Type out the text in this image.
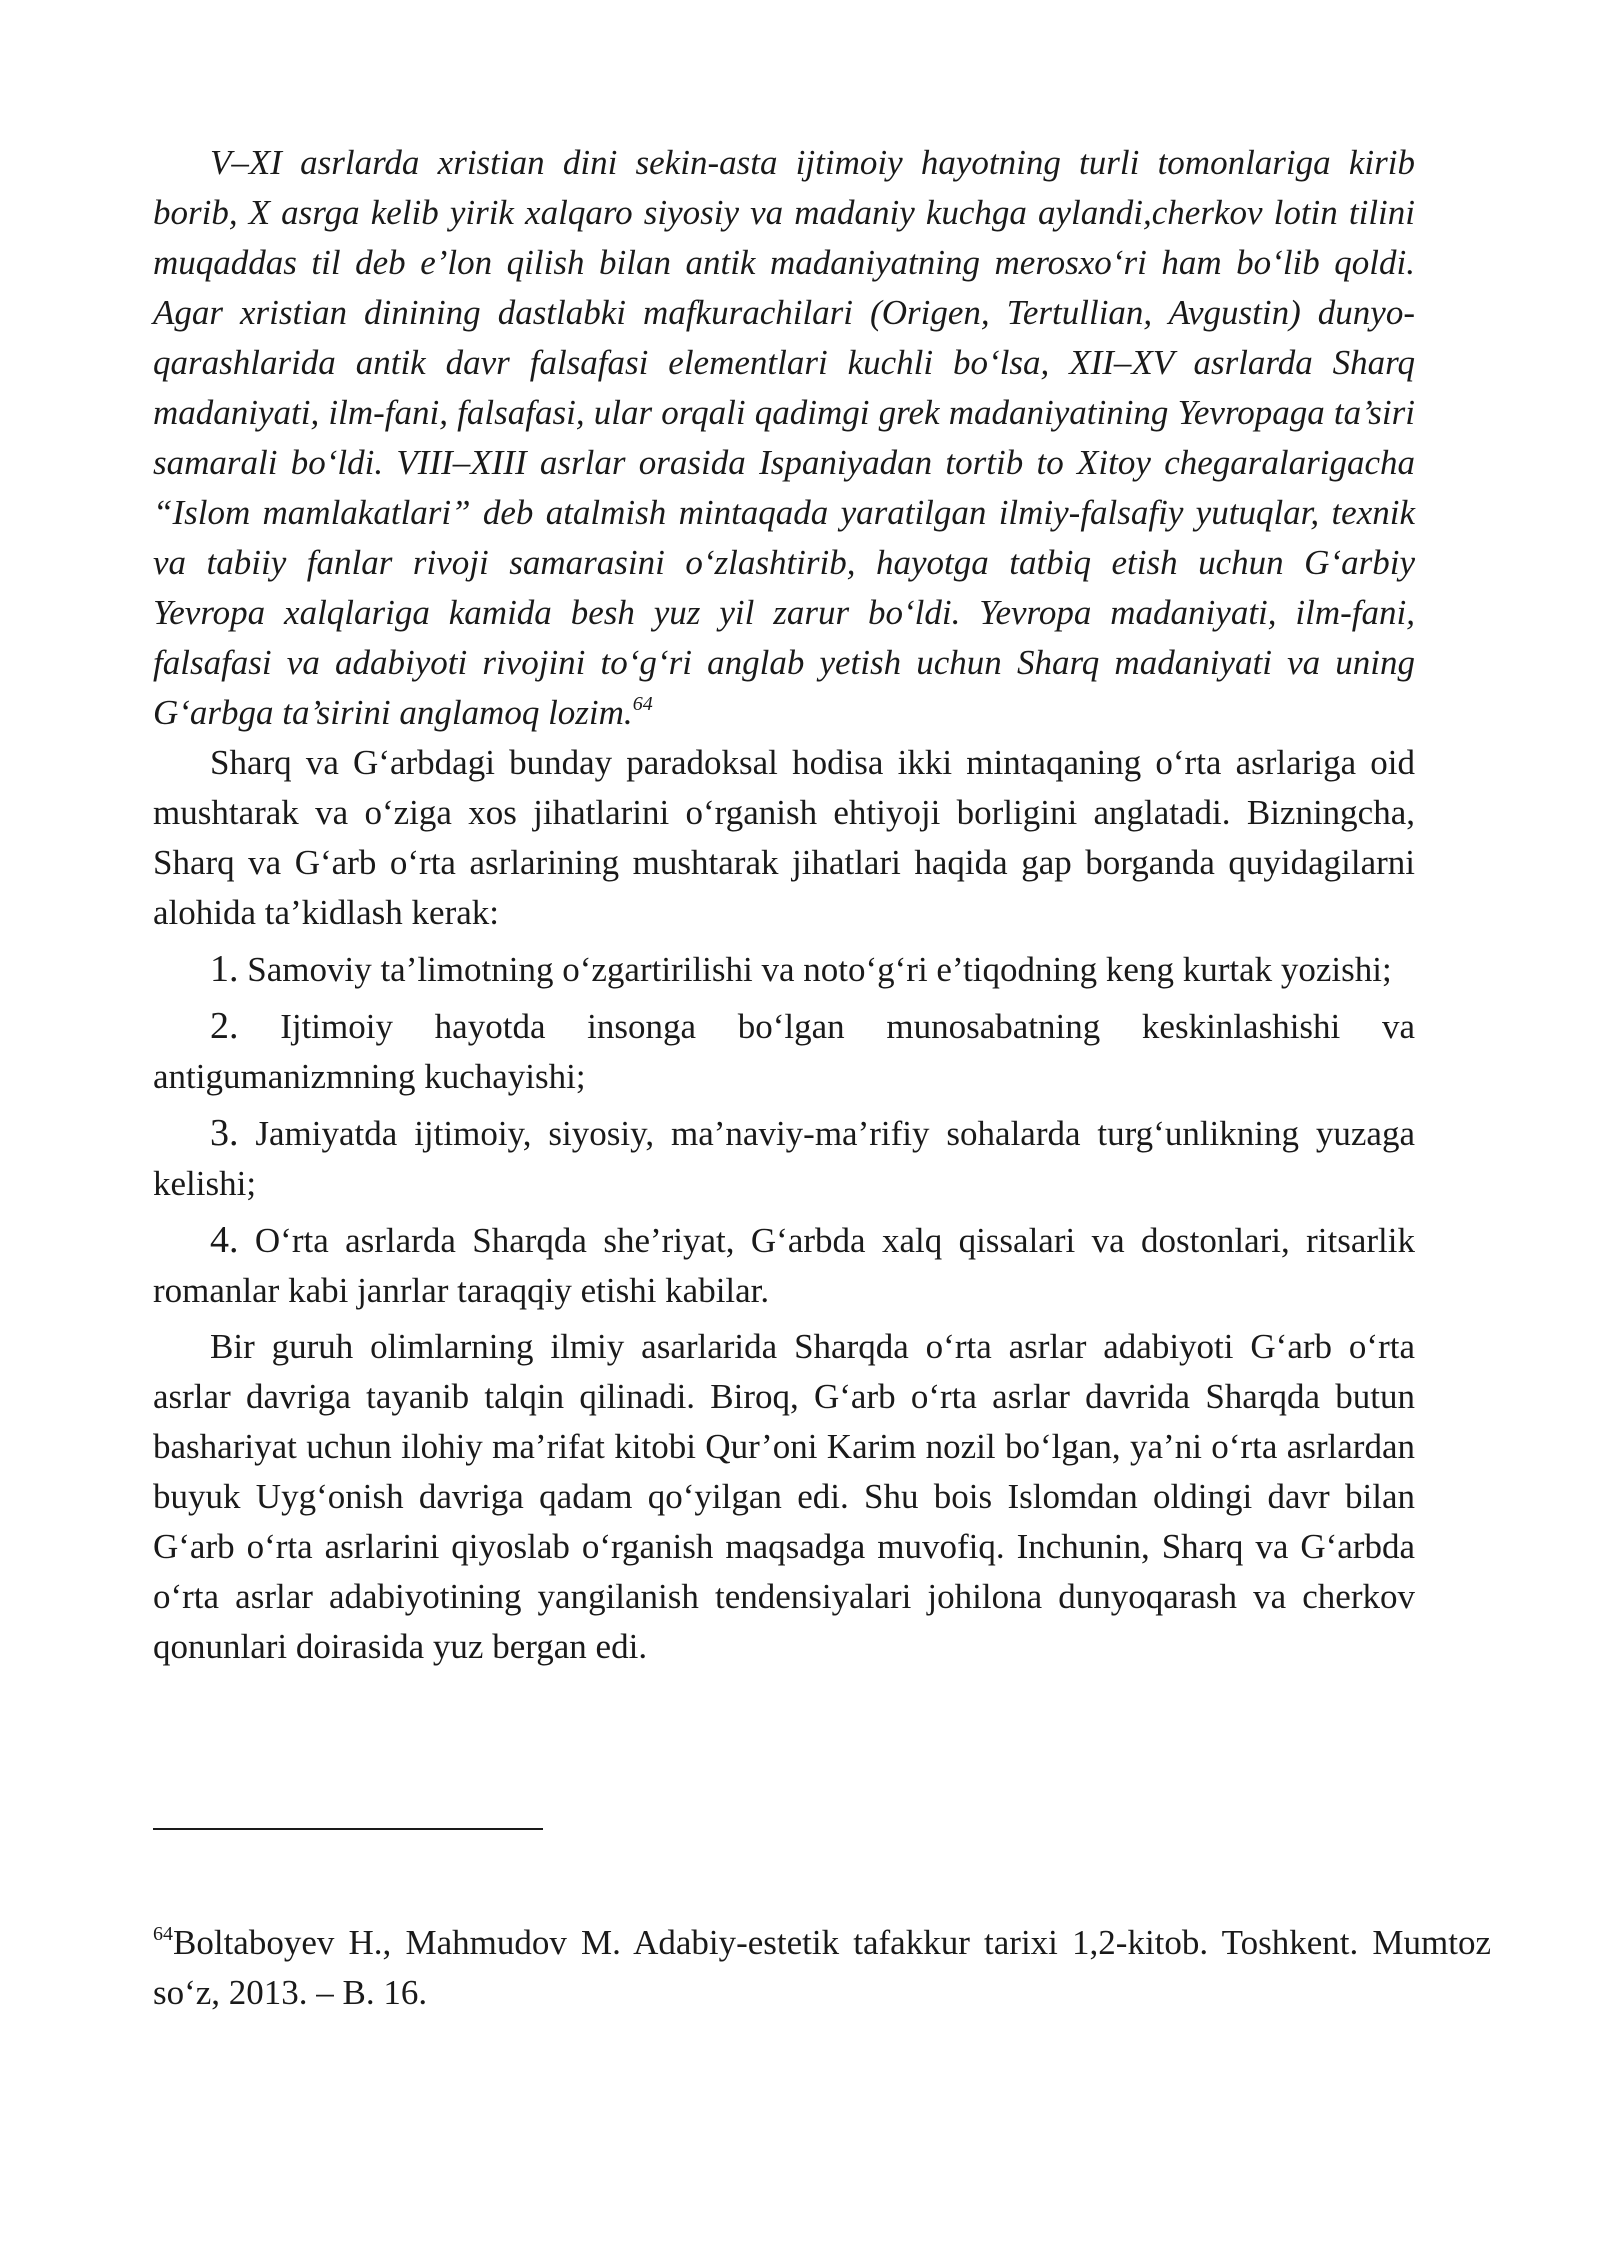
V–XI asrlarda xristian dini sekin-asta ijtimoiy hayotning turli tomonlariga kirib borib, X asrga kelib yirik xalqaro siyosiy va madaniy kuchga aylandi,cherkov lotin tilini muqaddas til deb e’lon qilish bilan antik madaniyatning merosxoʻri ham boʻlib qoldi. Agar xristian dinining dastlabki mafkurachilari (Origen, Tertullian, Avgustin) dunyo- qarashlarida antik davr falsafasi elementlari kuchli boʻlsa, XII–XV asrlarda Sharq madaniyati, ilm-fani, falsafasi, ular orqali qadimgi grek madaniyatining Yevropaga ta’siri samarali boʻldi. VIII–XIII asrlar orasida Ispaniyadan tortib to Xitoy chegaralarigacha “Islom mamlakatlari” deb atalmish mintaqada yaratilgan ilmiy-falsafiy yutuqlar, texnik va tabiiy fanlar rivoji samarasini oʻzlashtirib, hayotga tatbiq etish uchun Gʻarbiy Yevropa xalqlariga kamida besh yuz yil zarur boʻldi. Yevropa madaniyati, ilm-fani, falsafasi va adabiyoti rivojini toʻgʻri anglab yetish uchun Sharq madaniyati va uning Gʻarbga ta’sirini anglamoq lozim.$^{64}$

Sharq va Gʻarbdagi bunday paradoksal hodisa ikki mintaqaning oʻrta asrlariga oid mushtarak va oʻziga xos jihatlarini oʻrganish ehtiyoji borligini anglatadi. Bizningcha, Sharq va Gʻarb oʻrta asrlarining mushtarak jihatlari haqida gap borganda quyidagilarni alohida ta’kidlash kerak:

1. Samoviy ta’limotning oʻzgartirilishi va notoʻgʻri e’tiqodning keng kurtak yozishi;

2. Ijtimoiy hayotda insonga boʻlgan munosabatning keskinlashishi va antigumanizmning kuchayishi;

3. Jamiyatda ijtimoiy, siyosiy, ma’naviy-ma’rifiy sohalarda turgʻunlikning yuzaga kelishi;

4. Oʻrta asrlarda Sharqda she’riyat, Gʻarbda xalq qissalari va dostonlari, ritsarlik romanlar kabi janrlar taraqqiy etishi kabilar.

Bir guruh olimlarning ilmiy asarlarida Sharqda oʻrta asrlar adabiyoti Gʻarb oʻrta asrlar davriga tayanib talqin qilinadi. Biroq, Gʻarb oʻrta asrlar davrida Sharqda butun bashariyat uchun ilohiy ma’rifat kitobi Qur’oni Karim nozil boʻlgan, ya’ni oʻrta asrlardan buyuk Uygʻonish davriga qadam qoʻyilgan edi. Shu bois Islomdan oldingi davr bilan Gʻarb oʻrta asrlarini qiyoslab oʻrganish maqsadga muvofiq. Inchunin, Sharq va Gʻarbda oʻrta asrlar adabiyotining yangilanish tendensiyalari johilona dunyoqarash va cherkov qonunlari doirasida yuz bergan edi.

$^{64}$Boltaboyev H., Mahmudov M. Adabiy-estetik tafakkur tarixi 1,2-kitob. Toshkent. Mumtoz soʻz, 2013. – B. 16.
